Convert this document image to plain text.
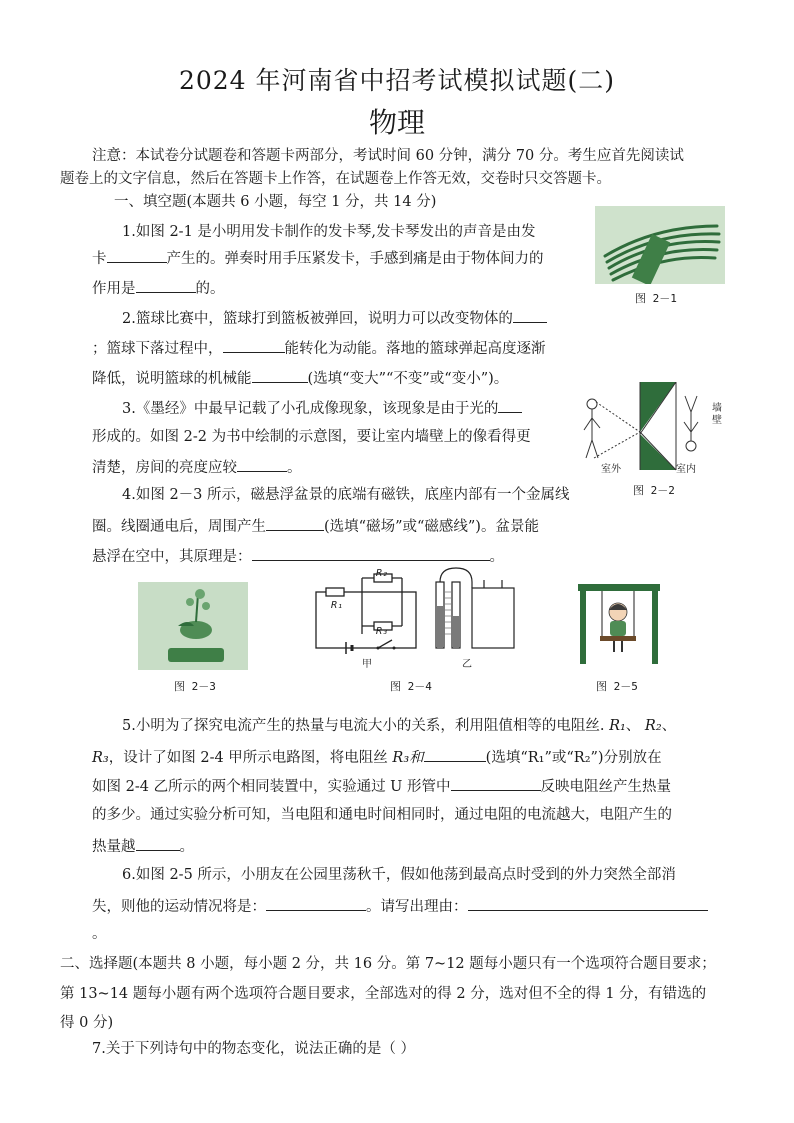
2024 年河南省中招考试模拟试题(二)
物理
注意：本试卷分试题卷和答题卡两部分，考试时间 60 分钟，满分 70 分。考生应首先阅读试
题卷上的文字信息，然后在答题卡上作答，在试题卷上作答无效，交卷时只交答题卡。
一、填空题(本题共 6 小题，每空 1 分，共 14 分)
1.如图 2-1 是小明用发卡制作的发卡琴,发卡琴发出的声音是由发
卡	产生的。弹奏时用手压紧发卡，手感到痛是由于物体间力的
作用是	的。
图 2－1
2.篮球比赛中，篮球打到篮板被弹回，说明力可以改变物体的
；篮球下落过程中，	能转化为动能。落地的篮球弹起高度逐渐
降低，说明篮球的机械能	(选填“变大”“不变”或“变小”)。
3.《墨经》中最早记载了小孔成像现象，该现象是由于光的
形成的。如图 2-2 为书中绘制的示意图，要让室内墙壁上的像看得更
清楚，房间的亮度应较	。
墙壁
室外	室内
图 2－2
4.如图 2－3 所示，磁悬浮盆景的底端有磁铁，底座内部有一个金属线
圈。线圈通电后，周围产生	(选填“磁场”或“磁感线”)。盆景能
悬浮在空中，其原理是：	。
图 2－3
R₂
R₁
R₃
甲	乙
图 2－4	图 2－5
5.小明为了探究电流产生的热量与电流大小的关系，利用阻值相等的电阻丝. R₁、 R₂、
R₃，设计了如图 2-4 甲所示电路图，将电阻丝 R₃和	(选填“R₁”或“R₂”)分别放在
如图 2-4 乙所示的两个相同装置中，实验通过 U 形管中	反映电阻丝产生热量
的多少。通过实验分析可知，当电阻和通电时间相同时，通过电阻的电流越大，电阻产生的
热量越	。
6.如图 2-5 所示，小朋友在公园里荡秋千，假如他荡到最高点时受到的外力突然全部消
失，则他的运动情况将是：	。请写出理由：
。
二、选择题(本题共 8 小题，每小题 2 分，共 16 分。第 7~12 题每小题只有一个选项符合题目要求；
第 13~14 题每小题有两个选项符合题目要求，全部选对的得 2 分，选对但不全的得 1 分，有错选的
得 0 分)
7.关于下列诗句中的物态变化，说法正确的是（ ）
